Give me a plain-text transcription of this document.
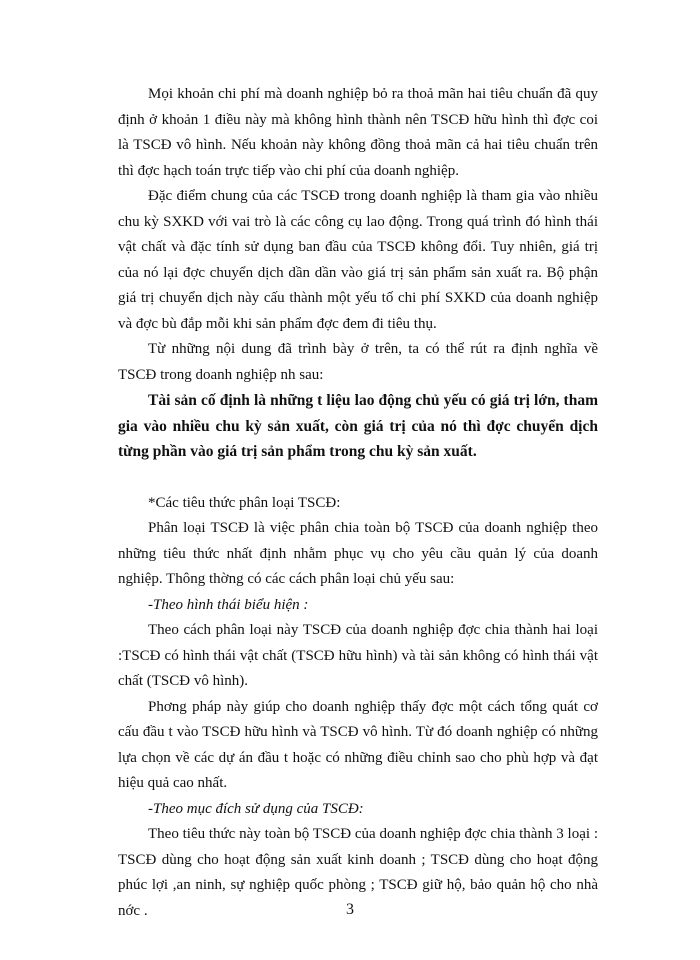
Mọi khoản chi phí mà doanh nghiệp bỏ ra thoả mãn hai tiêu chuẩn đã quy định ở khoản 1 điều này mà không hình thành nên TSCĐ hữu hình thì đợc coi là TSCĐ vô hình. Nếu khoản này không đồng thoả mãn cả hai tiêu chuẩn trên thì đợc hạch toán trực tiếp vào chi phí của doanh nghiệp.

Đặc điểm chung của các TSCĐ trong doanh nghiệp là tham gia vào nhiều chu kỳ SXKD với vai trò là các công cụ lao động. Trong quá trình đó hình thái vật chất và đặc tính sử dụng ban đầu của TSCĐ không đổi. Tuy nhiên, giá trị của nó lại đợc chuyển dịch dần dần vào giá trị sản phẩm sản xuất ra. Bộ phận giá trị chuyển dịch này cấu thành một yếu tố chi phí SXKD của doanh nghiệp và đợc bù đắp mỗi khi sản phẩm đợc đem đi tiêu thụ.

Từ những nội dung đã trình bày ở trên, ta có thể rút ra định nghĩa về TSCĐ trong doanh nghiệp nh sau:

Tài sản cố định là những t liệu lao động chủ yếu có giá trị lớn, tham gia vào nhiều chu kỳ sản xuất, còn giá trị của nó thì đợc chuyển dịch từng phần vào giá trị sản phẩm trong chu kỳ sản xuất.

*Các tiêu thức phân loại TSCĐ:

Phân loại TSCĐ là việc phân chia toàn bộ TSCĐ của doanh nghiệp theo những tiêu thức nhất định nhằm phục vụ cho yêu cầu quản lý của doanh nghiệp. Thông thờng có các cách phân loại chủ yếu sau:

-Theo hình thái biểu hiện :

Theo cách phân loại này TSCĐ của doanh nghiệp đợc chia thành hai loại :TSCĐ có hình thái vật chất (TSCĐ hữu hình) và tài sản không có hình thái vật chất (TSCĐ vô hình).

Phơng pháp này giúp cho doanh nghiệp thấy đợc một cách tổng quát cơ cấu đầu t vào TSCĐ hữu hình và TSCĐ vô hình. Từ đó doanh nghiệp có những lựa chọn về các dự án đầu t hoặc có những điều chỉnh sao cho phù hợp và đạt hiệu quả cao nhất.

-Theo mục đích sử dụng của TSCĐ:

Theo tiêu thức này toàn bộ TSCĐ của doanh nghiệp đợc chia thành 3 loại : TSCĐ dùng cho hoạt động sản xuất kinh doanh ; TSCĐ dùng cho hoạt động phúc lợi ,an ninh, sự nghiệp quốc phòng ; TSCĐ giữ hộ, bảo quản hộ cho nhà nớc .	3
